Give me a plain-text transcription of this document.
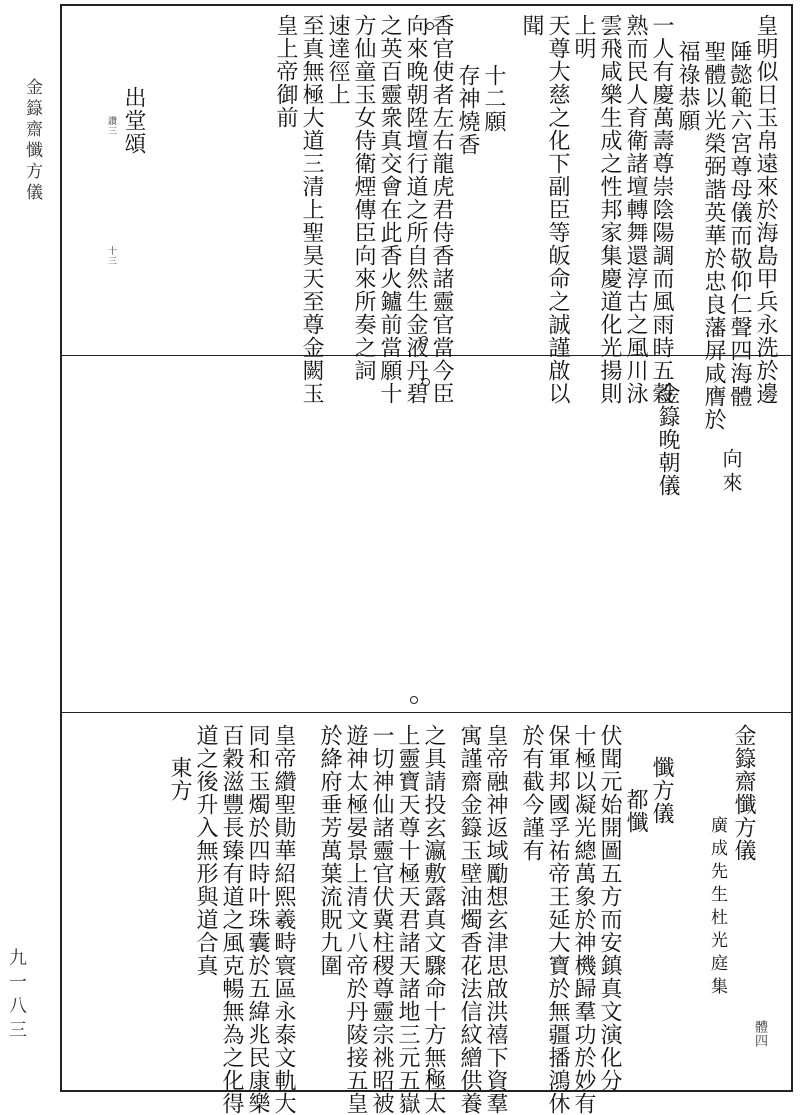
金籙齋懺方儀
九一八三
皇明似日玉帛遠來於海島甲兵永洗於邊
陲懿範六宮尊母儀而敬仰仁聲四海體
聖體以光榮弼諧英華於忠良藩屏咸膺於
福祿恭願
一人有慶萬壽尊崇陰陽調而風雨時五穀
熟而民人育衛諸壇轉舞還淳古之風川泳
雲飛咸樂生成之性邦家集慶道化光揚則
上明
天尊大慈之化下副臣等皈命之誠謹啟以
聞
十二願
存神燒香
香官使者左右龍虎君侍香諸靈官當今臣
向來晚朝陞壇行道之所自然生金液丹碧
之英百靈衆真交會在此香火鑪前當願十
方仙童玉女侍衛煙傳臣向來所奏之詞
速達徑上
至真無極大道三清上聖昊天至尊金闕玉
皇上帝御前
出堂頌
讚三
十三
向來
金籙晚朝儀
金籙齋懺方儀
廣成先生杜光庭集
體四
懺方儀
都懺
伏聞元始開圖五方而安鎮真文演化分
十極以凝光總萬象於神機歸羣功於妙有
保軍邦國孚祐帝王延大寶於無疆播鴻休
於有截今謹有
皇帝融神返域勵想玄津思啟洪禧下資羣
寓謹齋金籙玉壁油燭香花法信紋繒供養
之具請投玄瀛敷露真文驟命十方無極太
上靈寶天尊十極天君諸天諸地三元五嶽
一切神仙諸靈官伏冀柱稷尊靈宗祧昭被
遊神太極晏景上清文八帝於丹陵接五皇
於絳府垂芳萬葉流貺九圍
皇帝纘聖勛華紹熙羲畤寰區永泰文軌大
同和玉燭於四時叶珠囊於五緯兆民康樂
百穀滋豐長臻有道之風克暢無為之化得
道之後升入無形與道合真
東方
